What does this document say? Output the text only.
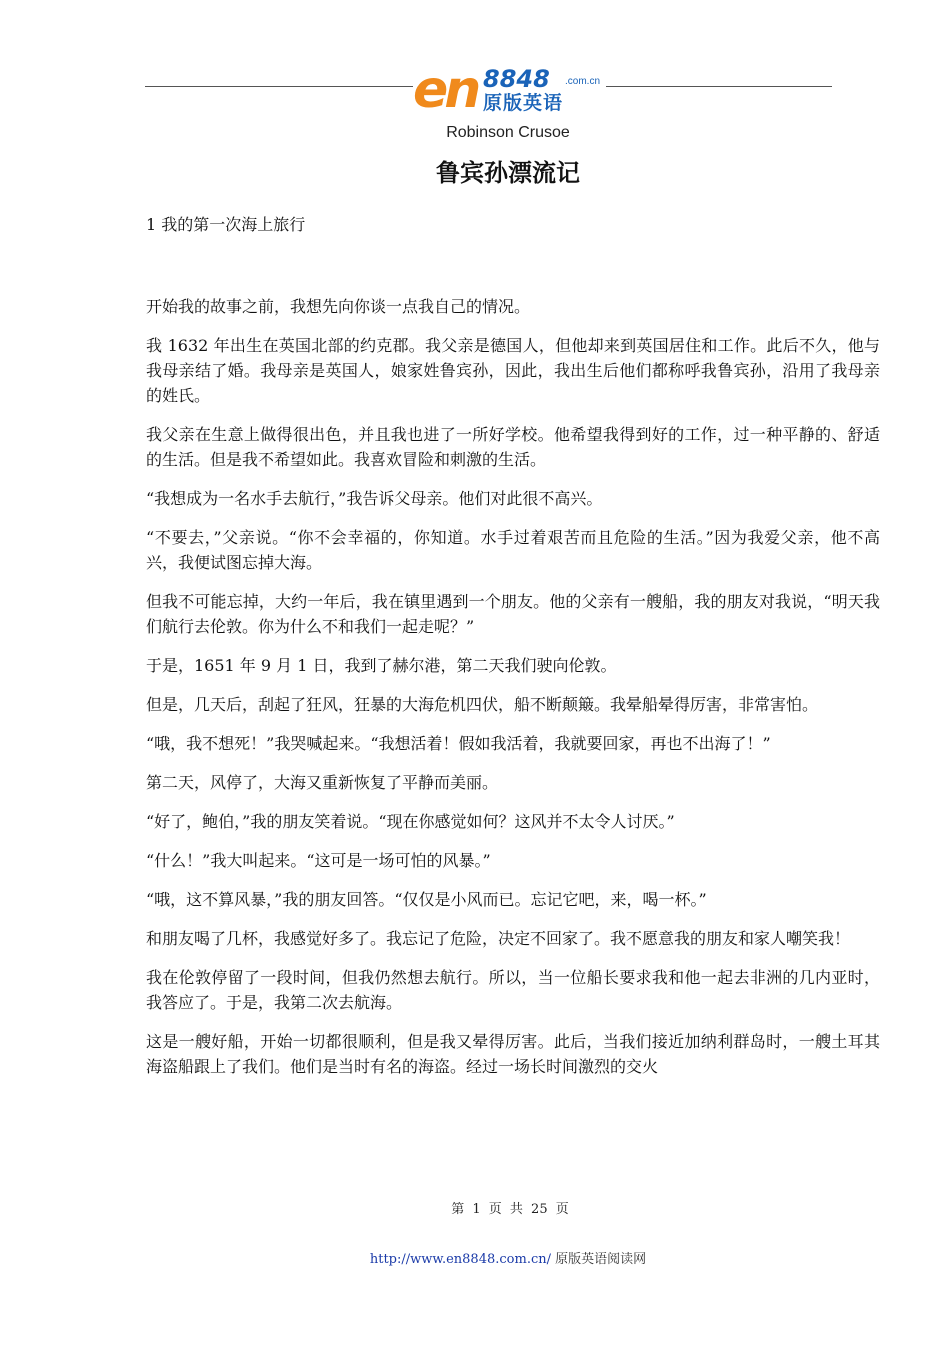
en 8848 .com.cn
原版英语
Robinson Crusoe
鲁宾孙漂流记
1 我的第一次海上旅行

开始我的故事之前，我想先向你谈一点我自己的情况。

我 1632 年出生在英国北部的约克郡。我父亲是德国人，但他却来到英国居住和工作。此后不久，他与我母亲结了婚。我母亲是英国人，娘家姓鲁宾孙，因此，我出生后他们都称呼我鲁宾孙，沿用了我母亲的姓氏。

我父亲在生意上做得很出色，并且我也进了一所好学校。他希望我得到好的工作，过一种平静的、舒适的生活。但是我不希望如此。我喜欢冒险和刺激的生活。

“我想成为一名水手去航行，”我告诉父母亲。他们对此很不高兴。

“不要去，”父亲说。“你不会幸福的，你知道。水手过着艰苦而且危险的生活。”因为我爱父亲，他不高兴，我便试图忘掉大海。

但我不可能忘掉，大约一年后，我在镇里遇到一个朋友。他的父亲有一艘船，我的朋友对我说，“明天我们航行去伦敦。你为什么不和我们一起走呢？”

于是，1651 年 9 月 1 日，我到了赫尔港，第二天我们驶向伦敦。

但是，几天后，刮起了狂风，狂暴的大海危机四伏，船不断颠簸。我晕船晕得厉害，非常害怕。

“哦，我不想死！”我哭喊起来。“我想活着！假如我活着，我就要回家，再也不出海了！”

第二天，风停了，大海又重新恢复了平静而美丽。

“好了，鲍伯，”我的朋友笑着说。“现在你感觉如何？这风并不太令人讨厌。”

“什么！”我大叫起来。“这可是一场可怕的风暴。”

“哦，这不算风暴，”我的朋友回答。“仅仅是小风而已。忘记它吧，来，喝一杯。”

和朋友喝了几杯，我感觉好多了。我忘记了危险，决定不回家了。我不愿意我的朋友和家人嘲笑我！

我在伦敦停留了一段时间，但我仍然想去航行。所以，当一位船长要求我和他一起去非洲的几内亚时，我答应了。于是，我第二次去航海。

这是一艘好船，开始一切都很顺利，但是我又晕得厉害。此后，当我们接近加纳利群岛时，一艘土耳其海盗船跟上了我们。他们是当时有名的海盗。经过一场长时间激烈的交火

第 1 页 共 25 页
http://www.en8848.com.cn/ 原版英语阅读网
